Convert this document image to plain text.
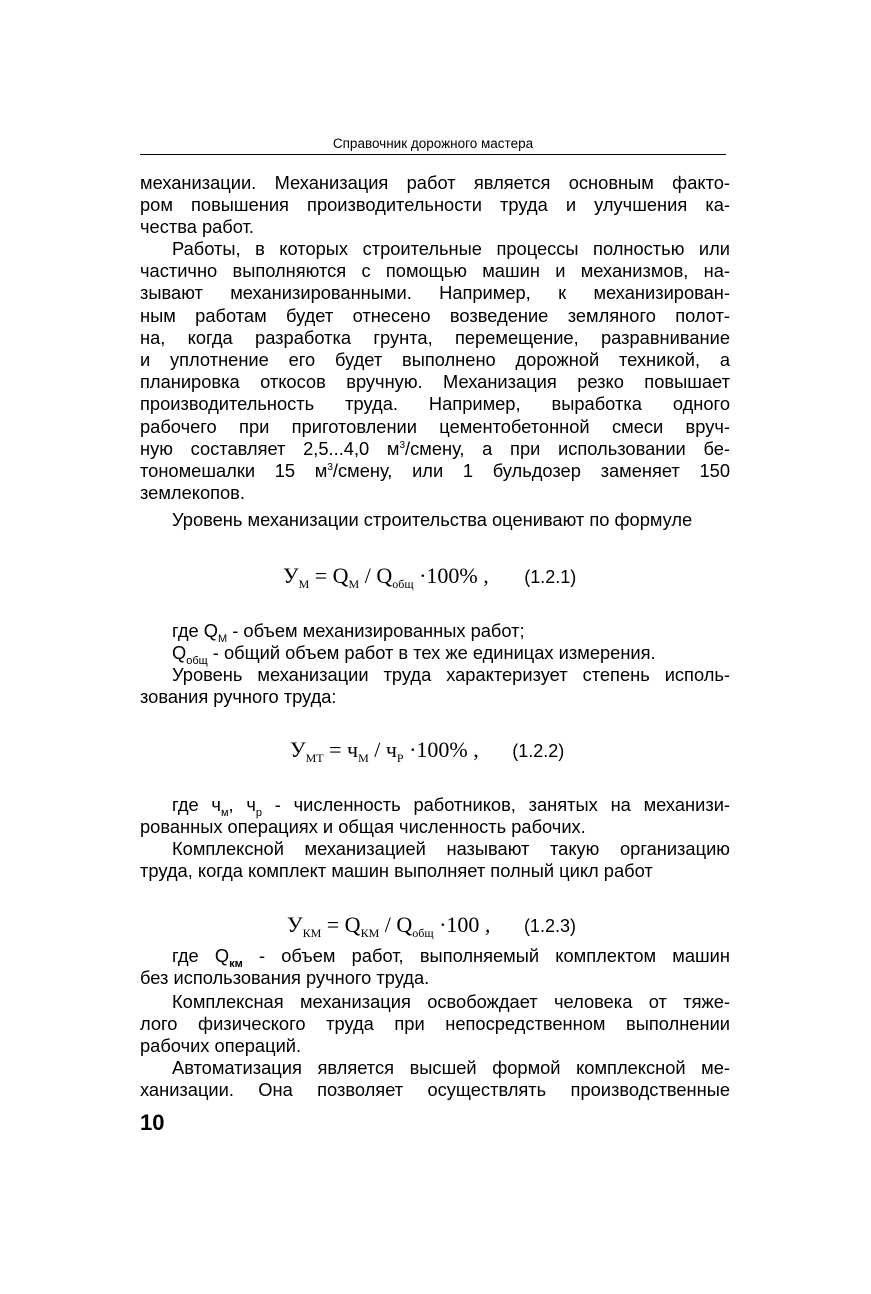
Справочник дорожного мастера
механизации. Механизация работ является основным факто-
ром повышения производительности труда и улучшения ка-
чества работ.
Работы, в которых строительные процессы полностью или
частично выполняются с помощью машин и механизмов, на-
зывают механизированными. Например, к механизирован-
ным работам будет отнесено возведение земляного полот-
на, когда разработка грунта, перемещение, разравнивание
и уплотнение его будет выполнено дорожной техникой, а
планировка откосов вручную. Механизация резко повышает
производительность труда. Например, выработка одного
рабочего при приготовлении цементобетонной смеси вруч-
ную составляет 2,5...4,0 $м^3$/смену, а при использовании бе-
тономешалки 15 $м^3$/смену, или 1 бульдозер заменяет 150
землекопов.
Уровень механизации строительства оценивают по формуле
$У_М = Q_М / Q_{общ} \cdot 100\%$ , (1.2.1)
где $Q_М$ - объем механизированных работ;
$Q_{общ}$ - общий объем работ в тех же единицах измерения.
Уровень механизации труда характеризует степень исполь-
зования ручного труда:
$У_{МТ} = ч_М / ч_Р \cdot 100\%$ , (1.2.2)
где $ч_м$, $ч_р$ - численность работников, занятых на механизи-
рованных операциях и общая численность рабочих.
Комплексной механизацией называют такую организацию
труда, когда комплект машин выполняет полный цикл работ
$У_{КМ} = Q_{КМ} / Q_{общ} \cdot 100$ , (1.2.3)
где $Q_{км}$ - объем работ, выполняемый комплектом машин
без использования ручного труда.
Комплексная механизация освобождает человека от тяже-
лого физического труда при непосредственном выполнении
рабочих операций.
Автоматизация является высшей формой комплексной ме-
ханизации. Она позволяет осуществлять производственные
10
